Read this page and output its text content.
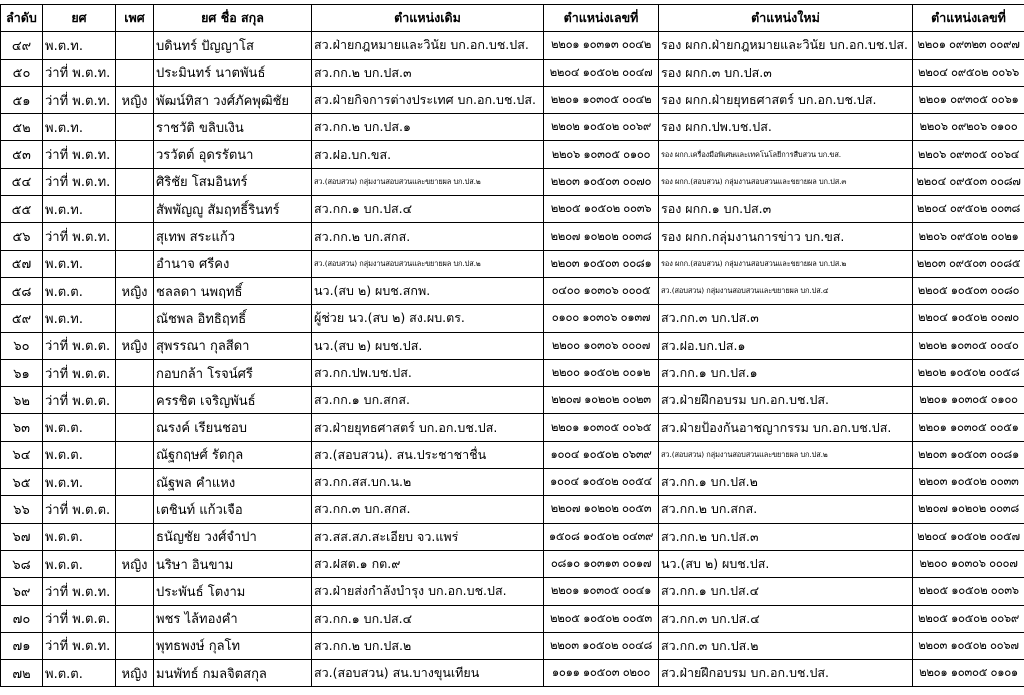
ลำดับ	ยศ	เพศ	ยศ ชื่อ สกุล	ตำแหน่งเดิม	ตำแหน่งเลขที่	ตำแหน่งใหม่	ตำแหน่งเลขที่
๔๙	พ.ต.ท.		บดินทร์ ปัญญาโส	สว.ฝ่ายกฎหมายและวินัย บก.อก.บช.ปส.	๒๒๐๑ ๑๐๓๑๓ ๐๐๔๒	รอง ผกก.ฝ่ายกฎหมายและวินัย บก.อก.บช.ปส.	๒๒๐๑ ๐๙๓๒๓ ๐๐๙๗
๕๐	ว่าที่ พ.ต.ท.		ประมินทร์ นาตพันธ์	สว.กก.๒ บก.ปส.๓	๒๒๐๔ ๑๐๕๐๒ ๐๐๔๗	รอง ผกก.๓ บก.ปส.๓	๒๒๐๔ ๐๙๕๐๒ ๐๐๖๖
๕๑	ว่าที่ พ.ต.ท.	หญิง	พัฒน์ทิสา วงศ์ภัคพุฒิชัย	สว.ฝ่ายกิจการต่างประเทศ บก.อก.บช.ปส.	๒๒๐๑ ๑๐๓๐๕ ๐๐๔๒	รอง ผกก.ฝ่ายยุทธศาสตร์ บก.อก.บช.ปส.	๒๒๐๑ ๐๙๓๐๕ ๐๐๖๑
๕๒	พ.ต.ท.		ราชวัติ ขลิบเงิน	สว.กก.๒ บก.ปส.๑	๒๒๐๒ ๑๐๕๐๒ ๐๐๖๙	รอง ผกก.ปพ.บช.ปส.	๒๒๐๖ ๐๙๒๐๖ ๐๑๐๐
๕๓	ว่าที่ พ.ต.ท.		วรวัตต์ อุดรรัตนา	สว.ฝอ.บก.ขส.	๒๒๐๖ ๑๐๓๐๕ ๐๑๐๐	รอง ผกก.เครื่องมือพิเศษและเทคโนโลยีการสืบสวน บก.ขส.	๒๒๐๖ ๐๙๓๐๕ ๐๐๖๔
๕๔	ว่าที่ พ.ต.ท.		ศิริชัย โสมอินทร์	สว.(สอบสวน) กลุ่มงานสอบสวนและขยายผล บก.ปส.๒	๒๒๐๓ ๑๐๕๐๓ ๐๐๗๐	รอง ผกก.(สอบสวน) กลุ่มงานสอบสวนและขยายผล บก.ปส.๓	๒๒๐๔ ๐๙๕๐๓ ๐๐๘๗
๕๕	พ.ต.ท.		สัพพัญญู สัมฤทธิ์รินทร์	สว.กก.๑ บก.ปส.๔	๒๒๐๕ ๑๐๕๐๒ ๐๐๓๖	รอง ผกก.๑ บก.ปส.๓	๒๒๐๔ ๐๙๕๐๒ ๐๐๓๘
๕๖	ว่าที่ พ.ต.ท.		สุเทพ สระแก้ว	สว.กก.๒ บก.สกส.	๒๒๐๗ ๑๐๒๐๒ ๐๐๓๘	รอง ผกก.กลุ่มงานการข่าว บก.ขส.	๒๒๐๖ ๐๙๕๐๒ ๐๐๒๑
๕๗	พ.ต.ท.		อำนาจ ศรีคง	สว.(สอบสวน) กลุ่มงานสอบสวนและขยายผล บก.ปส.๒	๒๒๐๓ ๑๐๕๐๓ ๐๐๘๑	รอง ผกก.(สอบสวน) กลุ่มงานสอบสวนและขยายผล บก.ปส.๒	๒๒๐๓ ๐๙๕๐๓ ๐๐๘๕
๕๘	พ.ต.ต.	หญิง	ชลลดา นพฤทธิ์	นว.(สบ ๒) ผบช.สกพ.	๐๔๐๐ ๑๐๓๐๖ ๐๐๐๕	สว.(สอบสวน) กลุ่มงานสอบสวนและขยายผล บก.ปส.๔	๒๒๐๕ ๑๐๕๐๓ ๐๐๘๐
๕๙	พ.ต.ท.		ณัชพล อิทธิฤทธิ์	ผู้ช่วย นว.(สบ ๒) สง.ผบ.ตร.	๐๑๐๐ ๑๐๓๐๖ ๐๑๓๗	สว.กก.๓ บก.ปส.๓	๒๒๐๔ ๑๐๕๐๒ ๐๐๗๐
๖๐	ว่าที่ พ.ต.ต.	หญิง	สุพรรณา กุลสีดา	นว.(สบ ๒) ผบช.ปส.	๒๒๐๐ ๑๐๓๐๖ ๐๐๐๗	สว.ฝอ.บก.ปส.๑	๒๒๐๒ ๑๐๓๐๕ ๐๐๔๐
๖๑	ว่าที่ พ.ต.ต.		กอบกล้า โรจน์ศรี	สว.กก.ปพ.บช.ปส.	๒๒๐๐ ๑๐๕๐๒ ๐๐๑๒	สว.กก.๑ บก.ปส.๑	๒๒๐๒ ๑๐๕๐๒ ๐๐๕๘
๖๒	ว่าที่ พ.ต.ต.		ครรชิต เจริญพันธ์	สว.กก.๑ บก.สกส.	๒๒๐๗ ๑๐๒๐๒ ๐๐๒๓	สว.ฝ่ายฝึกอบรม บก.อก.บช.ปส.	๒๒๐๑ ๑๐๓๐๕ ๐๑๐๐
๖๓	พ.ต.ต.		ณรงค์ เรียนชอบ	สว.ฝ่ายยุทธศาสตร์ บก.อก.บช.ปส.	๒๒๐๑ ๑๐๓๐๕ ๐๐๖๕	สว.ฝ่ายป้องกันอาชญากรรม บก.อก.บช.ปส.	๒๒๐๑ ๑๐๓๐๕ ๐๐๕๑
๖๔	พ.ต.ต.		ณัฐกฤษศ์ รัตกุล	สว.(สอบสวน). สน.ประชาชาชื่น	๑๐๐๔ ๑๐๕๐๒ ๐๖๓๙	สว.(สอบสวน) กลุ่มงานสอบสวนและขยายผล บก.ปส.๒	๒๒๐๓ ๑๐๕๐๓ ๐๐๘๑
๖๕	พ.ต.ท.		ณัฐพล คำแหง	สว.กก.สส.บก.น.๒	๑๐๐๔ ๑๐๕๐๒ ๐๐๕๔	สว.กก.๑ บก.ปส.๒	๒๒๐๓ ๑๐๕๐๒ ๐๐๓๓
๖๖	ว่าที่ พ.ต.ต.		เตชินท์ แก้วเจือ	สว.กก.๓ บก.สกส.	๒๒๐๗ ๑๐๒๐๒ ๐๐๕๓	สว.กก.๒ บก.สกส.	๒๒๐๗ ๑๐๒๐๒ ๐๐๓๘
๖๗	พ.ต.ต.		ธนัญชัย วงศ์จำปา	สว.สส.สภ.สะเอียบ จว.แพร่	๑๕๐๘ ๑๐๕๐๒ ๐๔๓๙	สว.กก.๒ บก.ปส.๓	๒๒๐๔ ๑๐๕๐๒ ๐๐๕๗
๖๘	พ.ต.ต.	หญิง	นริษา อินขาม	สว.ฝสต.๑ กต.๙	๐๘๑๐ ๑๐๓๑๓ ๐๐๑๗	นว.(สบ ๒) ผบช.ปส.	๒๒๐๐ ๑๐๓๐๖ ๐๐๐๗
๖๙	ว่าที่ พ.ต.ท.		ประพันธ์ โตงาม	สว.ฝ่ายส่งกำลังบำรุง บก.อก.บช.ปส.	๒๒๐๑ ๑๐๓๐๕ ๐๐๔๑	สว.กก.๑ บก.ปส.๔	๒๒๐๕ ๑๐๕๐๒ ๐๐๓๖
๗๐	ว่าที่ พ.ต.ต.		พชร ไล้ทองคำ	สว.กก.๑ บก.ปส.๔	๒๒๐๕ ๑๐๕๐๒ ๐๐๕๓	สว.กก.๓ บก.ปส.๔	๒๒๐๕ ๑๐๕๐๒ ๐๐๖๙
๗๑	ว่าที่ พ.ต.ท.		พุทธพงษ์ กุลโท	สว.กก.๒ บก.ปส.๒	๒๒๐๓ ๑๐๕๐๒ ๐๐๔๘	สว.กก.๓ บก.ปส.๒	๒๒๐๓ ๑๐๕๐๒ ๐๐๖๗
๗๒	พ.ต.ต.	หญิง	มนพัทธ์ กมลจิตสกุล	สว.(สอบสวน) สน.บางขุนเทียน	๑๐๑๑ ๑๐๕๐๓ ๐๒๐๐	สว.ฝ่ายฝึกอบรม บก.อก.บช.ปส.	๒๒๐๑ ๑๐๓๐๕ ๐๑๐๑
